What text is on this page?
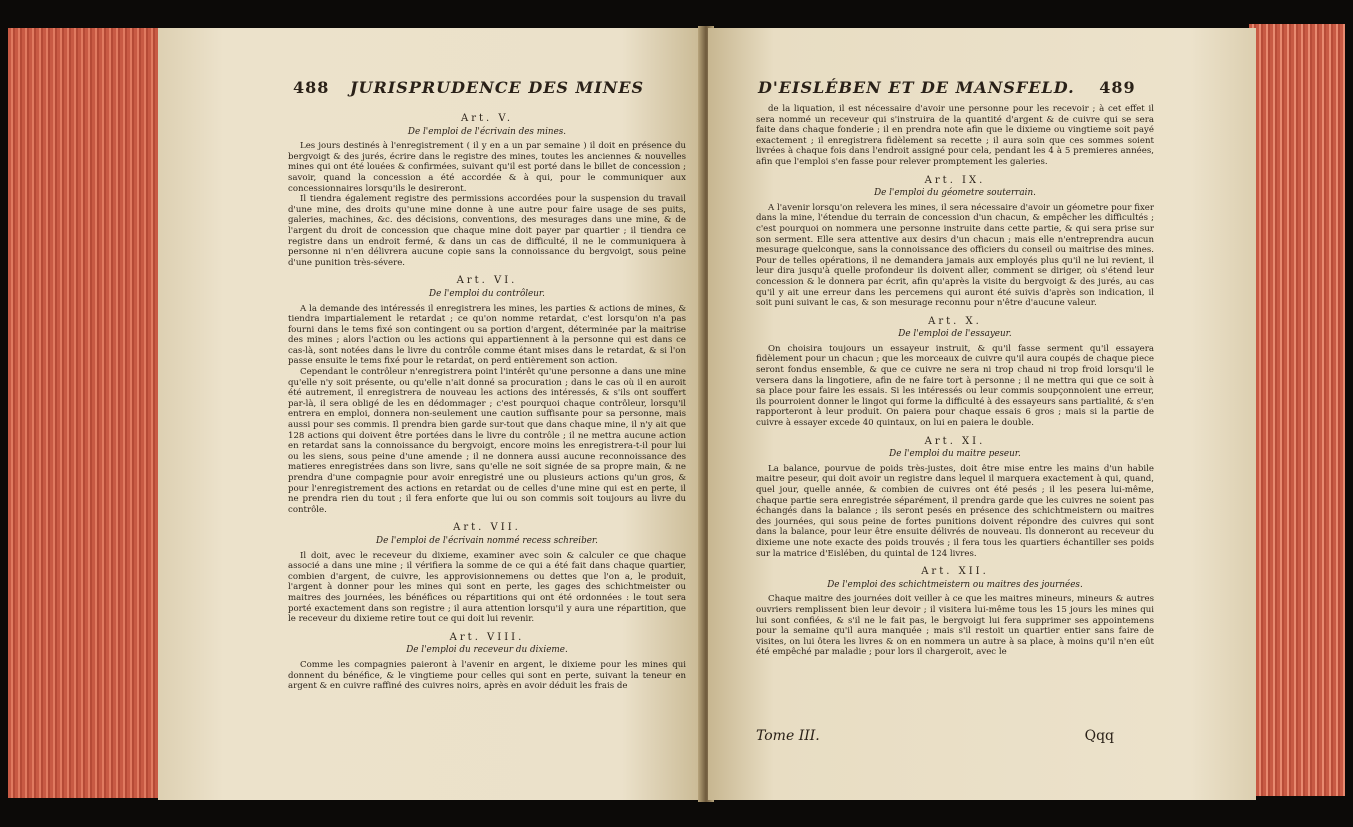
488 JURISPRUDENCE DES MINES
Art. V.
De l'emploi de l'écrivain des mines.

Les jours destinés à l'enregistrement ( il y en a un par semaine ) il doit en présence du bergvoigt & des jurés, écrire dans le registre des mines, toutes les anciennes & nouvelles mines qui ont été louées & confirmées, suivant qu'il est porté dans le billet de concession ; savoir, quand la concession a été accordée & à qui, pour le communiquer aux concessionnaires lorsqu'ils le desireront.

Il tiendra également registre des permissions accordées pour la suspension du travail d'une mine, des droits qu'une mine donne à une autre pour faire usage de ses puits, galeries, machines, &c. des décisions, conventions, des mesurages dans une mine, & de l'argent du droit de concession que chaque mine doit payer par quartier ; il tiendra ce registre dans un endroit fermé, & dans un cas de difficulté, il ne le communiquera à personne ni n'en délivrera aucune copie sans la connoissance du bergvoigt, sous peine d'une punition très-sévere.

Art. VI.
De l'emploi du contrôleur.

A la demande des intéressés il enregistrera les mines, les parties & actions de mines, & tiendra impartialement le retardat ; ce qu'on nomme retardat, c'est lorsqu'on n'a pas fourni dans le tems fixé son contingent ou sa portion d'argent, déterminée par la maitrise des mines ; alors l'action ou les actions qui appartiennent à la personne qui est dans ce cas-là, sont notées dans le livre du contrôle comme étant mises dans le retardat, & si l'on passe ensuite le tems fixé pour le retardat, on perd entièrement son action.

Cependant le contrôleur n'enregistrera point l'intérêt qu'une personne a dans une mine qu'elle n'y soit présente, ou qu'elle n'ait donné sa procuration ; dans le cas où il en auroit été autrement, il enregistrera de nouveau les actions des intéressés, & s'ils ont souffert par-là, il sera obligé de les en dédommager ; c'est pourquoi chaque contrôleur, lorsqu'il entrera en emploi, donnera non-seulement une caution suffisante pour sa personne, mais aussi pour ses commis. Il prendra bien garde sur-tout que dans chaque mine, il n'y ait que 128 actions qui doivent être portées dans le livre du contrôle ; il ne mettra aucune action en retardat sans la connoissance du bergvoigt, encore moins les enregistrera-t-il pour lui ou les siens, sous peine d'une amende ; il ne donnera aussi aucune reconnoissance des matieres enregistrées dans son livre, sans qu'elle ne soit signée de sa propre main, & ne prendra d'une compagnie pour avoir enregistré une ou plusieurs actions qu'un gros, & pour l'enregistrement des actions en retardat ou de celles d'une mine qui est en perte, il ne prendra rien du tout ; il fera enforte que lui ou son commis soit toujours au livre du contrôle.

Art. VII.
De l'emploi de l'écrivain nommé recess schreiber.

Il doit, avec le receveur du dixieme, examiner avec soin & calculer ce que chaque associé a dans une mine ; il vérifiera la somme de ce qui a été fait dans chaque quartier, combien d'argent, de cuivre, les approvisionnemens ou dettes que l'on a, le produit, l'argent à donner pour les mines qui sont en perte, les gages des schichtmeister ou maitres des journées, les bénéfices ou répartitions qui ont été ordonnées : le tout sera porté exactement dans son registre ; il aura attention lorsqu'il y aura une répartition, que le receveur du dixieme retire tout ce qui doit lui revenir.

Art. VIII.
De l'emploi du receveur du dixieme.

Comme les compagnies paieront à l'avenir en argent, le dixieme pour les mines qui donnent du bénéfice, & le vingtieme pour celles qui sont en perte, suivant la teneur en argent & en cuivre raffiné des cuivres noirs, après en avoir déduit les frais de

D'EISLÉBEN ET DE MANSFELD. 489

de la liquation, il est nécessaire d'avoir une personne pour les recevoir ; à cet effet il sera nommé un receveur qui s'instruira de la quantité d'argent & de cuivre qui se sera faite dans chaque fonderie ; il en prendra note afin que le dixieme ou vingtieme soit payé exactement ; il enregistrera fidèlement sa recette ; il aura soin que ces sommes soient livrées à chaque fois dans l'endroit assigné pour cela, pendant les 4 à 5 premieres années, afin que l'emploi s'en fasse pour relever promptement les galeries.

Art. IX.
De l'emploi du géometre souterrain.

A l'avenir lorsqu'on relevera les mines, il sera nécessaire d'avoir un géometre pour fixer dans la mine, l'étendue du terrain de concession d'un chacun, & empêcher les difficultés ; c'est pourquoi on nommera une personne instruite dans cette partie, & qui sera prise sur son serment. Elle sera attentive aux desirs d'un chacun ; mais elle n'entreprendra aucun mesurage quelconque, sans la connoissance des officiers du conseil ou maitrise des mines. Pour de telles opérations, il ne demandera jamais aux employés plus qu'il ne lui revient, il leur dira jusqu'à quelle profondeur ils doivent aller, comment se diriger, où s'étend leur concession & le donnera par écrit, afin qu'après la visite du bergvoigt & des jurés, au cas qu'il y ait une erreur dans les percemens qui auront été suivis d'après son indication, il soit puni suivant le cas, & son mesurage reconnu pour n'être d'aucune valeur.

Art. X.
De l'emploi de l'essayeur.

On choisira toujours un essayeur instruit, & qu'il fasse serment qu'il essayera fidèlement pour un chacun ; que les morceaux de cuivre qu'il aura coupés de chaque piece seront fondus ensemble, & que ce cuivre ne sera ni trop chaud ni trop froid lorsqu'il le versera dans la lingotiere, afin de ne faire tort à personne ; il ne mettra qui que ce soit à sa place pour faire les essais. Si les intéressés ou leur commis soupçonnoient une erreur, ils pourroient donner le lingot qui forme la difficulté à des essayeurs sans partialité, & s'en rapporteront à leur produit. On paiera pour chaque essais 6 gros ; mais si la partie de cuivre à essayer excede 40 quintaux, on lui en paiera le double.

Art. XI.
De l'emploi du maitre peseur.

La balance, pourvue de poids très-justes, doit être mise entre les mains d'un habile maitre peseur, qui doit avoir un registre dans lequel il marquera exactement à qui, quand, quel jour, quelle année, & combien de cuivres ont été pesés ; il les pesera lui-même, chaque partie sera enregistrée séparément, il prendra garde que les cuivres ne soient pas échangés dans la balance ; ils seront pesés en présence des schichtmeistern ou maitres des journées, qui sous peine de fortes punitions doivent répondre des cuivres qui sont dans la balance, pour leur être ensuite délivrés de nouveau. Ils donneront au receveur du dixieme une note exacte des poids trouvés ; il fera tous les quartiers échantiller ses poids sur la matrice d'Eislében, du quintal de 124 livres.

Art. XII.
De l'emploi des schichtmeistern ou maitres des journées.

Chaque maitre des journées doit veiller à ce que les maitres mineurs, mineurs & autres ouvriers remplissent bien leur devoir ; il visitera lui-même tous les 15 jours les mines qui lui sont confiées, & s'il ne le fait pas, le bergvoigt lui fera supprimer ses appointemens pour la semaine qu'il aura manquée ; mais s'il restoit un quartier entier sans faire de visites, on lui ôtera les livres & on en nommera un autre à sa place, à moins qu'il n'en eût été empêché par maladie ; pour lors il chargeroit, avec le

Tome III.	Qqq
